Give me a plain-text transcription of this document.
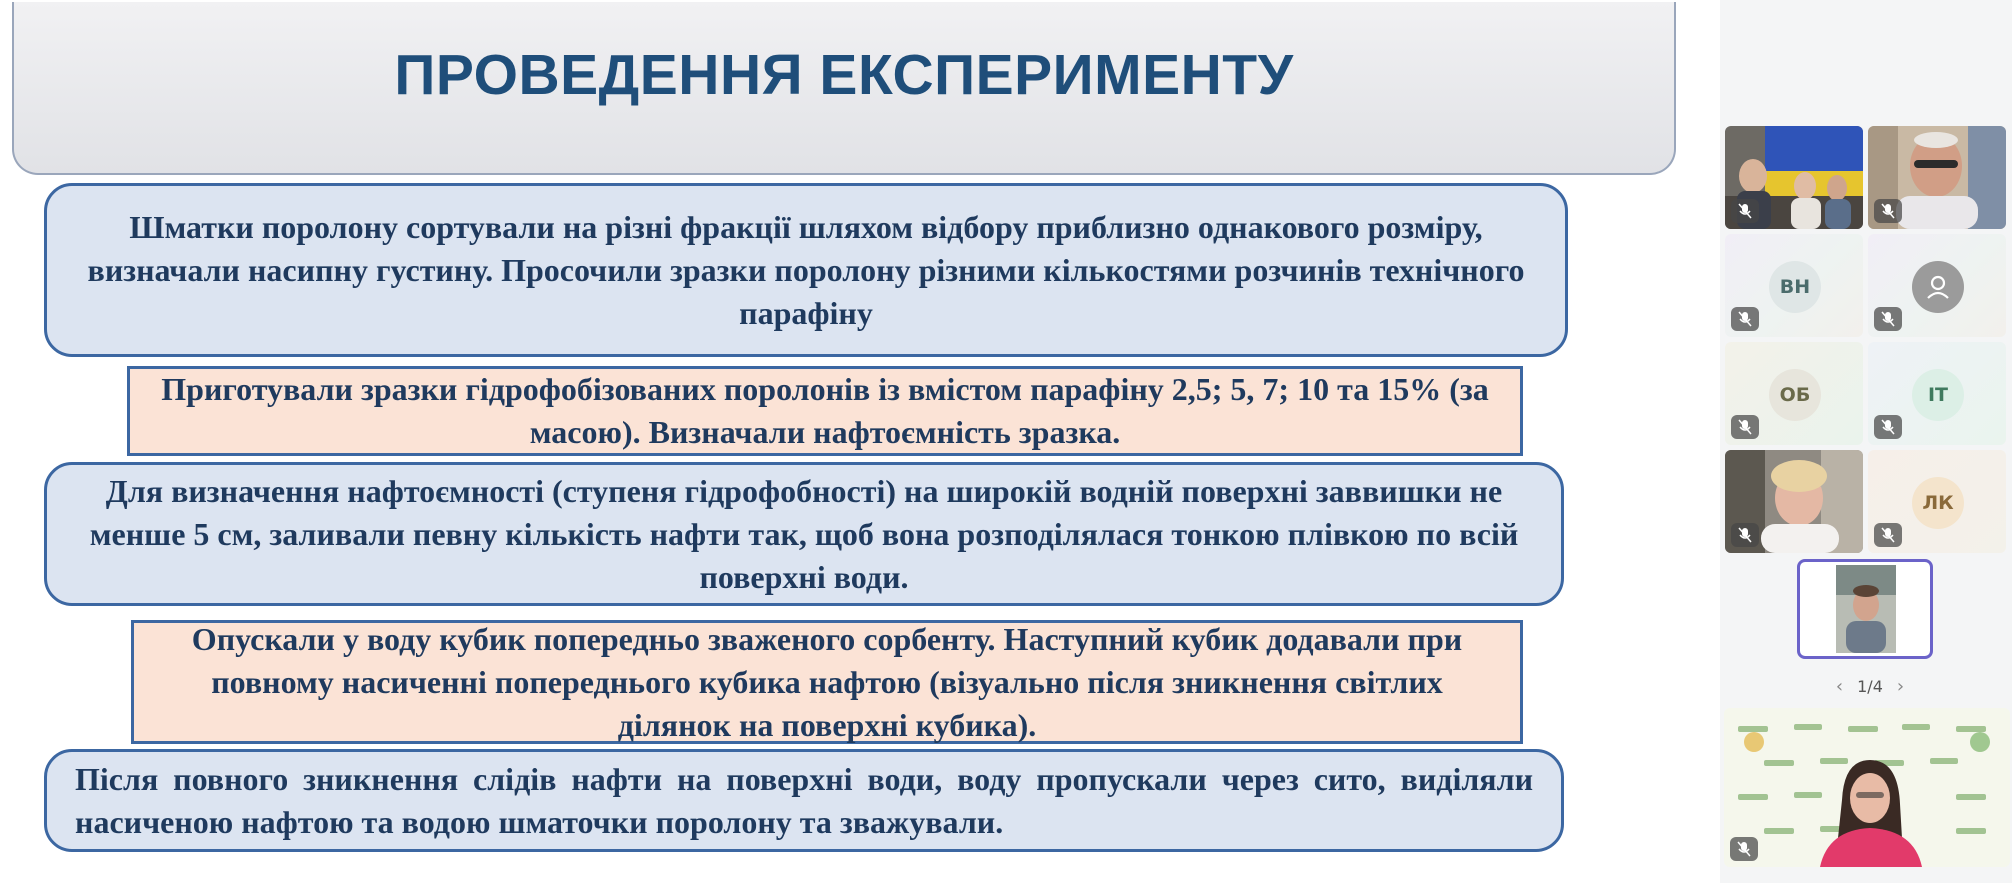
ПРОВЕДЕННЯ ЕКСПЕРИМЕНТУ
Шматки поролону сортували на різні фракції шляхом відбору приблизно однакового розміру, визначали насипну густину. Просочили зразки поролону різними кількостями розчинів технічного парафіну
Приготували зразки гідрофобізованих поролонів із вмістом парафіну 2,5; 5, 7; 10 та 15% (за масою). Визначали нафтоємність зразка.
Для визначення нафтоємності (ступеня гідрофобності) на широкій водній поверхні заввишки не менше 5 см, заливали певну кількість нафти так, щоб вона розподілялася тонкою плівкою по всій поверхні води.
Опускали у воду кубик попередньо зваженого сорбенту. Наступний кубик додавали при повному насиченні попереднього кубика нафтою (візуально після зникнення світлих ділянок на поверхні кубика).
Після повного зникнення слідів нафти на поверхні води, воду пропускали через сито, виділяли насиченою нафтою та водою шматочки поролону та зважували.
ВН
ОБ	ІТ
ЛК
‹ 1/4 ›
